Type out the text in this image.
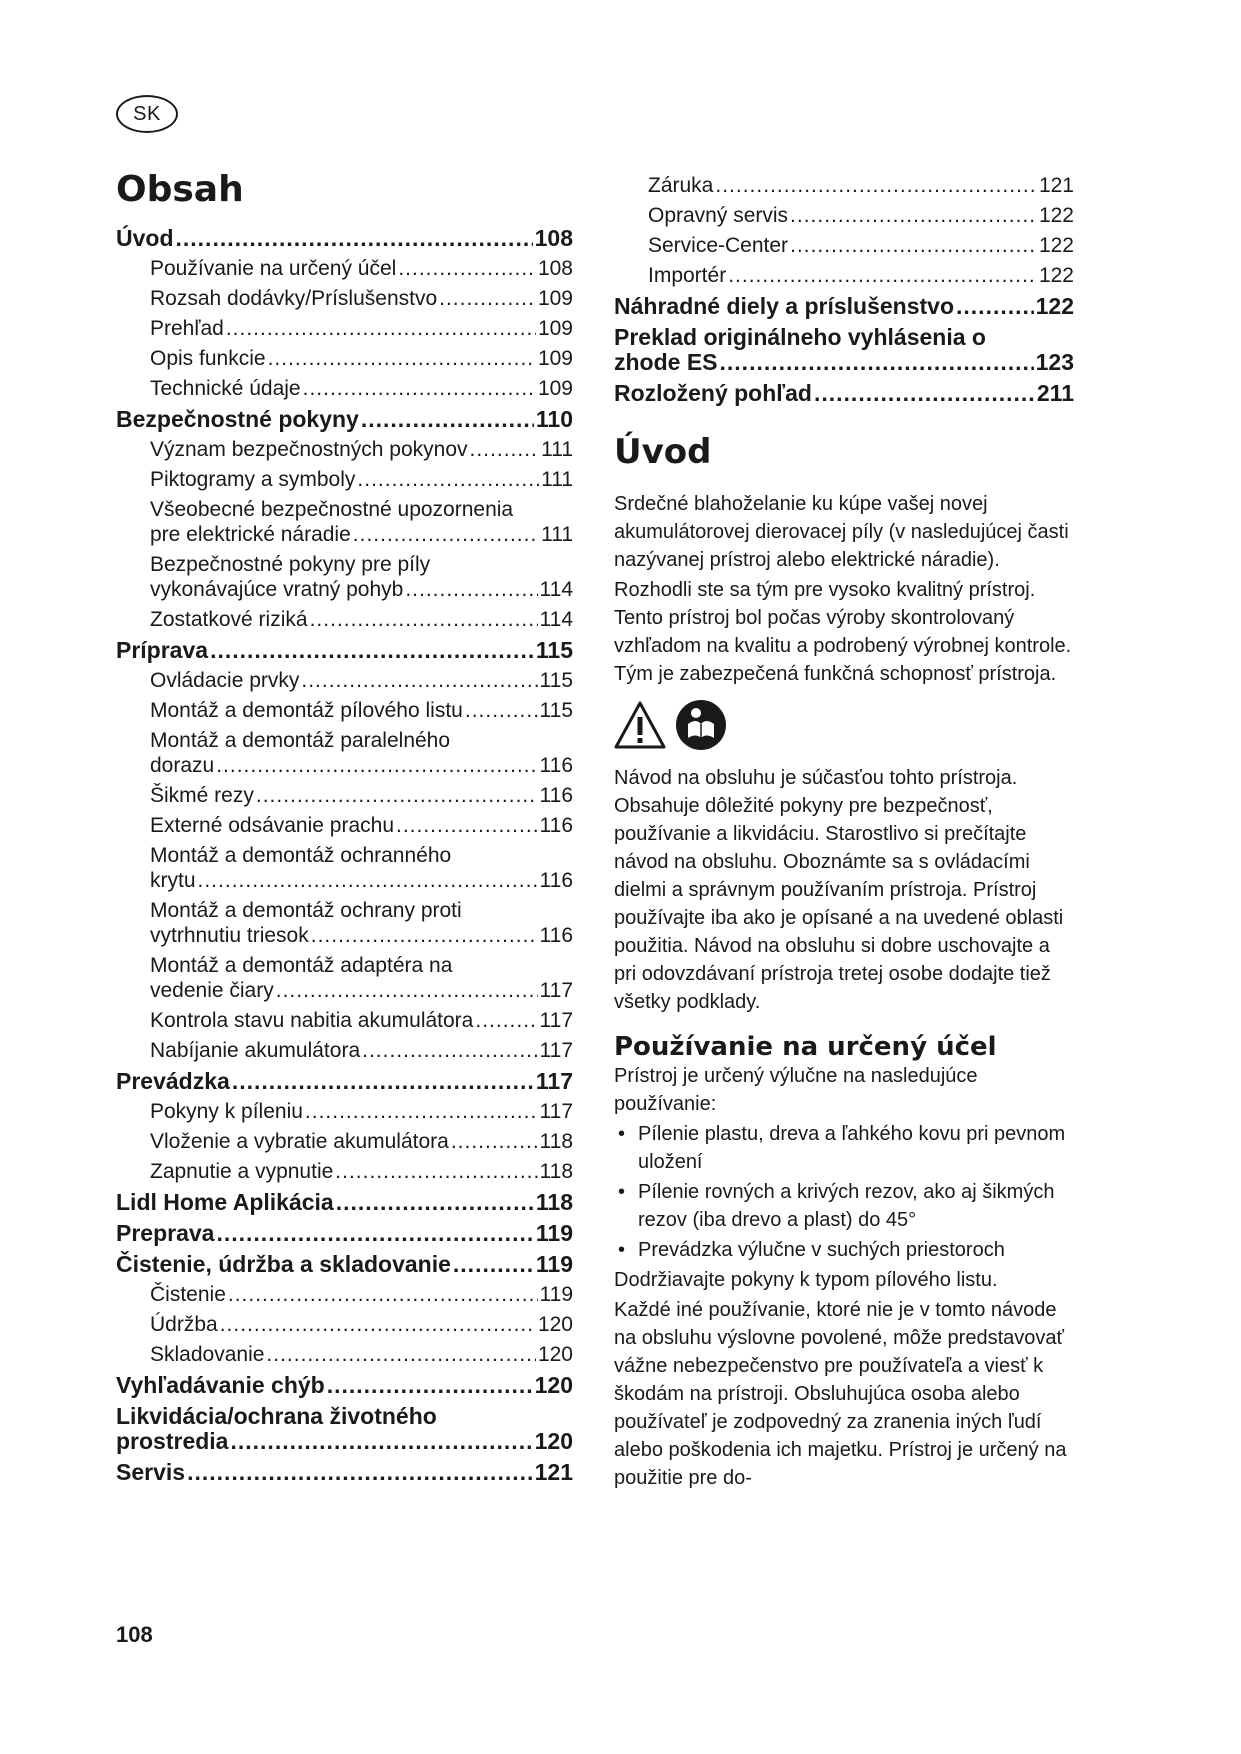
SK
Obsah
Úvod .....	108
Používanie na určený účel .....	108
Rozsah dodávky/Príslušenstvo .....	109
Prehľad .....	109
Opis funkcie .....	109
Technické údaje .....	109
Bezpečnostné pokyny .....	110
Význam bezpečnostných pokynov .....	111
Piktogramy a symboly .....	111
Všeobecné bezpečnostné upozornenia
pre elektrické náradie .....	111
Bezpečnostné pokyny pre píly
vykonávajúce vratný pohyb .....	114
Zostatkové riziká .....	114
Príprava .....	115
Ovládacie prvky .....	115
Montáž a demontáž pílového listu .....	115
Montáž a demontáž paralelného
dorazu .....	116
Šikmé rezy .....	116
Externé odsávanie prachu .....	116
Montáž a demontáž ochranného
krytu .....	116
Montáž a demontáž ochrany proti
vytrhnutiu triesok .....	116
Montáž a demontáž adaptéra na
vedenie čiary .....	117
Kontrola stavu nabitia akumulátora .....	117
Nabíjanie akumulátora .....	117
Prevádzka .....	117
Pokyny k píleniu .....	117
Vloženie a vybratie akumulátora .....	118
Zapnutie a vypnutie .....	118
Lidl Home Aplikácia .....	118
Preprava .....	119
Čistenie, údržba a skladovanie .....	119
Čistenie .....	119
Údržba .....	120
Skladovanie .....	120
Vyhľadávanie chýb .....	120
Likvidácia/ochrana životného
prostredia .....	120
Servis .....	121
Záruka .....	121
Opravný servis .....	122
Service-Center .....	122
Importér .....	122
Náhradné diely a príslušenstvo .....	122
Preklad originálneho vyhlásenia o
zhode ES .....	123
Rozložený pohľad .....	211
Úvod

Srdečné blahoželanie ku kúpe vašej novej akumulátorovej dierovacej píly (v nasledujúcej časti nazývanej prístroj alebo elektrické náradie).

Rozhodli ste sa tým pre vysoko kvalitný prístroj. Tento prístroj bol počas výroby skontrolovaný vzhľadom na kvalitu a podrobený výrobnej kontrole. Tým je zabezpečená funkčná schopnosť prístroja.

Návod na obsluhu je súčasťou tohto prístroja. Obsahuje dôležité pokyny pre bezpečnosť, používanie a likvidáciu. Starostlivo si prečítajte návod na obsluhu. Oboznámte sa s ovládacími dielmi a správnym používaním prístroja. Prístroj používajte iba ako je opísané a na uvedené oblasti použitia. Návod na obsluhu si dobre uschovajte a pri odovzdávaní prístroja tretej osobe dodajte tiež všetky podklady.

Používanie na určený účel

Prístroj je určený výlučne na nasledujúce používanie:

• Pílenie plastu, dreva a ľahkého kovu pri pevnom uložení
• Pílenie rovných a krivých rezov, ako aj šikmých rezov (iba drevo a plast) do 45°
• Prevádzka výlučne v suchých priestoroch

Dodržiavajte pokyny k typom pílového listu.

Každé iné používanie, ktoré nie je v tomto návode na obsluhu výslovne povolené, môže predstavovať vážne nebezpečenstvo pre používateľa a viesť k škodám na prístroji. Obsluhujúca osoba alebo používateľ je zodpovedný za zranenia iných ľudí alebo poškodenia ich majetku. Prístroj je určený na použitie pre do-

108
